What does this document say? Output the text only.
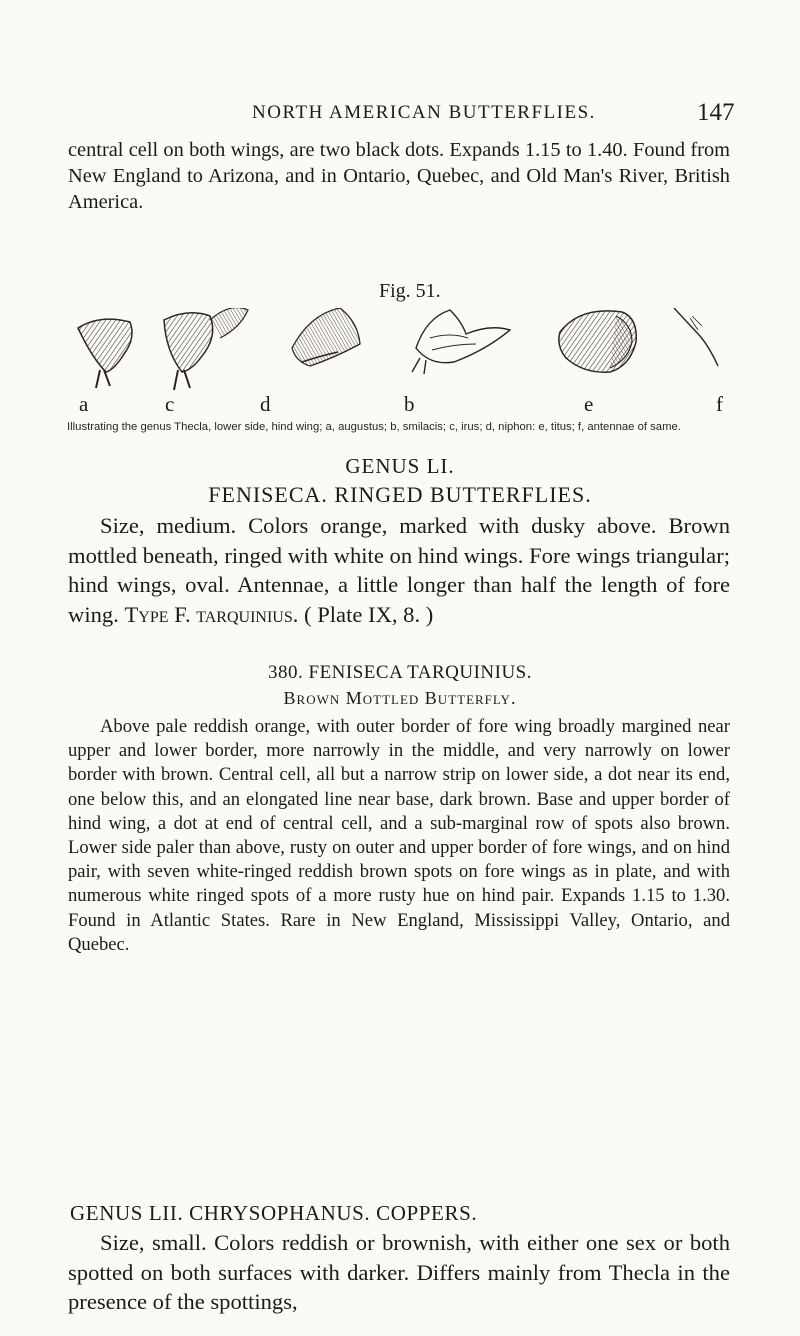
NORTH AMERICAN BUTTERFLIES.	147

central cell on both wings, are two black dots. Expands 1.15 to 1.40. Found from New England to Arizona, and in Ontario, Quebec, and Old Man's River, British America.

Fig. 51.
a	c	d	b	e	f

Illustrating the genus Thecla, lower side, hind wing; a, augustus; b, smilacis; c, irus; d, niphon: e, titus; f, antennae of same.

GENUS LI.

FENISECA. RINGED BUTTERFLIES.

Size, medium. Colors orange, marked with dusky above. Brown mottled beneath, ringed with white on hind wings. Fore wings triangular; hind wings, oval. Antennae, a little longer than half the length of fore wing. Type F. tarquinius. ( Plate IX, 8. )

380. FENISECA TARQUINIUS.

Brown Mottled Butterfly.

Above pale reddish orange, with outer border of fore wing broadly margined near upper and lower border, more narrowly in the middle, and very narrowly on lower border with brown. Central cell, all but a narrow strip on lower side, a dot near its end, one below this, and an elongated line near base, dark brown. Base and upper border of hind wing, a dot at end of central cell, and a sub-marginal row of spots also brown. Lower side paler than above, rusty on outer and upper border of fore wings, and on hind pair, with seven white-ringed reddish brown spots on fore wings as in plate, and with numerous white ringed spots of a more rusty hue on hind pair. Expands 1.15 to 1.30. Found in Atlantic States. Rare in New England, Mississippi Valley, Ontario, and Quebec.

GENUS LII. CHRYSOPHANUS. COPPERS.

Size, small. Colors reddish or brownish, with either one sex or both spotted on both surfaces with darker. Differs mainly from Thecla in the presence of the spottings,
